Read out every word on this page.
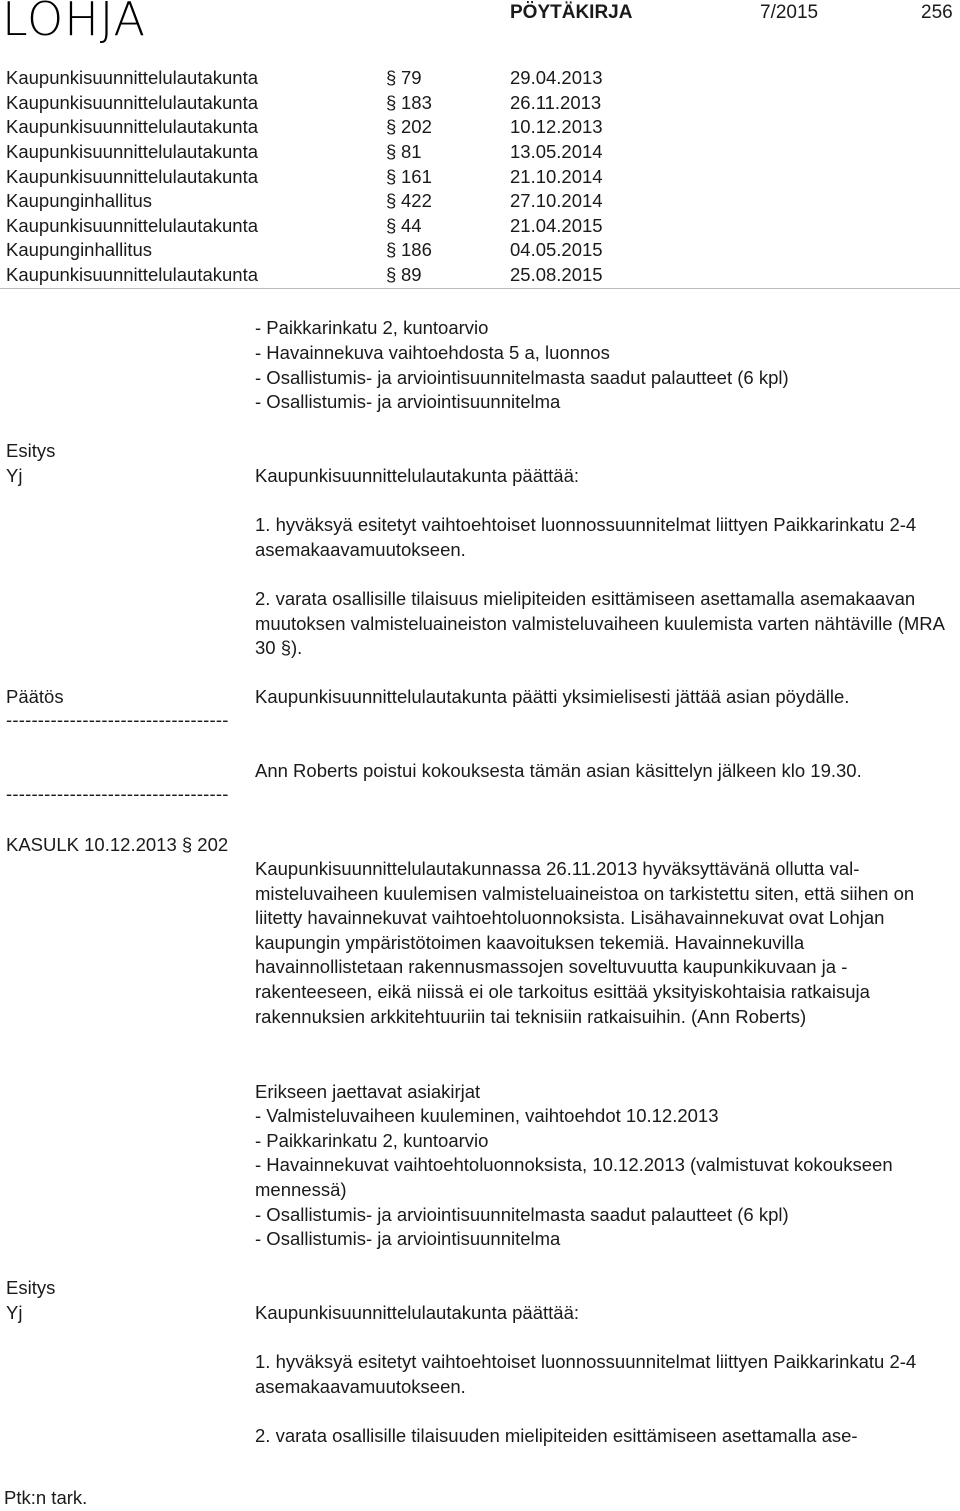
LOHJA	PÖYTÄKIRJA	7/2015	256
Kaupunkisuunnittelulautakunta	§ 79	29.04.2013
Kaupunkisuunnittelulautakunta	§ 183	26.11.2013
Kaupunkisuunnittelulautakunta	§ 202	10.12.2013
Kaupunkisuunnittelulautakunta	§ 81	13.05.2014
Kaupunkisuunnittelulautakunta	§ 161	21.10.2014
Kaupunginhallitus	§ 422	27.10.2014
Kaupunkisuunnittelulautakunta	§ 44	21.04.2015
Kaupunginhallitus	§ 186	04.05.2015
Kaupunkisuunnittelulautakunta	§ 89	25.08.2015
- Paikkarinkatu 2, kuntoarvio
- Havainnekuva vaihtoehdosta 5 a, luonnos
- Osallistumis- ja arviointisuunnitelmasta saadut palautteet (6 kpl)
- Osallistumis- ja arviointisuunnitelma
Esitys
Yj	Kaupunkisuunnittelulautakunta päättää:
1. hyväksyä esitetyt vaihtoehtoiset luonnossuunnitelmat liittyen Paikkarinkatu 2-4 asemakaavamuutokseen.
2. varata osallisille tilaisuus mielipiteiden esittämiseen asettamalla asemakaavan muutoksen valmisteluaineiston valmisteluvaiheen kuulemista varten nähtäville (MRA 30 §).
Päätös	Kaupunkisuunnittelulautakunta päätti yksimielisesti jättää asian pöydälle.
-----------------------------------
Ann Roberts poistui kokouksesta tämän asian käsittelyn jälkeen klo 19.30.
-----------------------------------
KASULK 10.12.2013 § 202
Kaupunkisuunnittelulautakunnassa 26.11.2013 hyväksyttävänä ollutta valmisteluvaiheen kuulemisen valmisteluaineistoa on tarkistettu siten, että siihen on liitetty havainnekuvat vaihtoehtoluonnoksista. Lisähavainnekuvat ovat Lohjan kaupungin ympäristötoimen kaavoituksen tekemiä. Havainnekuvilla havainnollistetaan rakennusmassojen soveltuvuutta kaupunkikuvaan ja -rakenteeseen, eikä niissä ei ole tarkoitus esittää yksityiskohtaisia ratkaisuja rakennuksien arkkitehtuuriin tai teknisiin ratkaisuihin. (Ann Roberts)
Erikseen jaettavat asiakirjat
- Valmisteluvaiheen kuuleminen, vaihtoehdot 10.12.2013
- Paikkarinkatu 2, kuntoarvio
- Havainnekuvat vaihtoehtoluonnoksista, 10.12.2013 (valmistuvat kokoukseen mennessä)
- Osallistumis- ja arviointisuunnitelmasta saadut palautteet (6 kpl)
- Osallistumis- ja arviointisuunnitelma
Esitys
Yj	Kaupunkisuunnittelulautakunta päättää:
1. hyväksyä esitetyt vaihtoehtoiset luonnossuunnitelmat liittyen Paikkarinkatu 2-4 asemakaavamuutokseen.
2. varata osallisille tilaisuuden mielipiteiden esittämiseen asettamalla ase-
Ptk:n tark.
